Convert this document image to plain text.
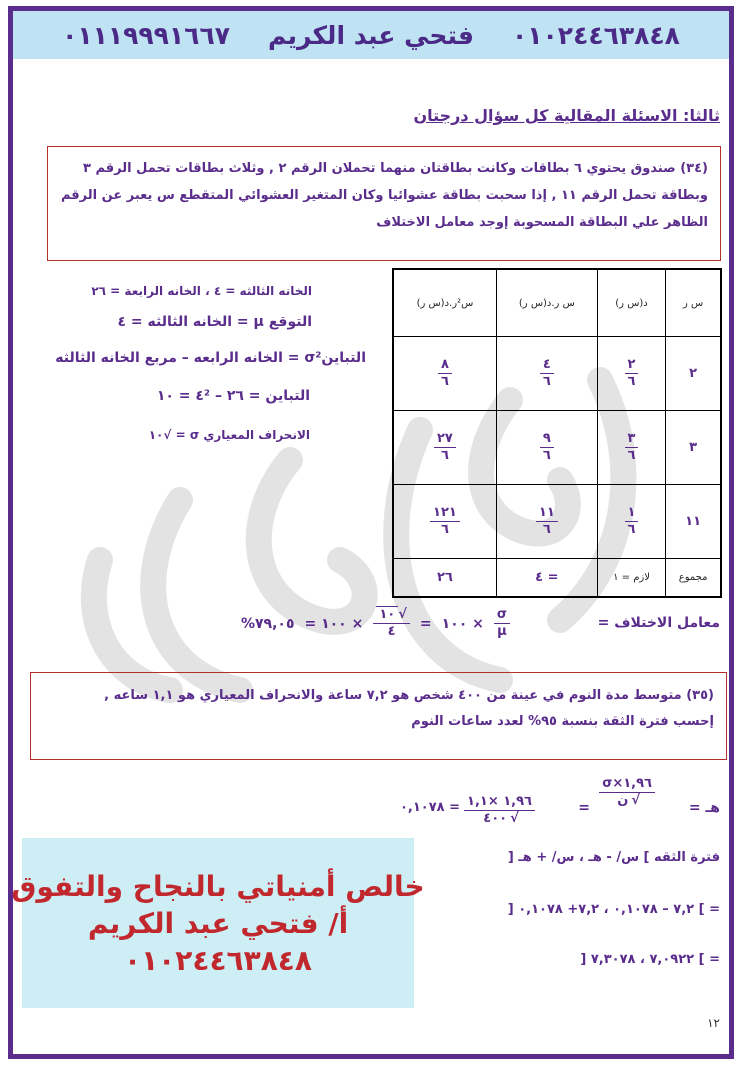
٠١٠٢٤٤٦٣٨٤٨
فتحي عبد الكريم
٠١١١٩٩٩١٦٦٧
ثالثا: الاسئلة المقالية كل سؤال درجتان
(٣٤) صندوق يحتوي ٦ بطاقات وكانت بطاقتان منهما تحملان الرقم ٢ , وثلاث بطاقات تحمل الرقم ٣
وبطاقة تحمل الرقم ١١ , إذا سحبت بطاقة عشوائيا وكان المتغير العشوائي المتقطع س يعبر عن الرقم
الظاهر علي البطاقة المسحوبة إوجد معامل الاختلاف
س ر	د(س ر)	س ر.د(س ر)	س²ر.د(س ر)
٢	$\frac{٢}{٦}$	$\frac{٤}{٦}$	$\frac{٨}{٦}$

٣	$\frac{٣}{٦}$	$\frac{٩}{٦}$	$\frac{٢٧}{٦}$

١١	$\frac{١}{٦}$	$\frac{١١}{٦}$	$\frac{١٢١}{٦}$

مجموع	لازم = ١	= ٤	٢٦
الخانه الثالثه = ٤ ، الخانه الرابعة = ٢٦
التوقع μ = الخانه الثالثه = ٤
التباينσ² = الخانه الرابعه – مربع الخانه الثالثه
التباين = ٢٦ – ٤² = ١٠
الانحراف المعياري σ = √١٠
معامل الاختلاف =
$\frac{\sigma}{\mu}$
× ١٠٠
=
$\frac{√١٠}{٤}$
× ١٠٠ =
٧٩,٠٥%
(٣٥) متوسط مدة النوم في عينة من ٤٠٠ شخص هو ٧,٢ ساعة والانحراف المعياري هو ١,١ ساعه ,
إحسب فترة الثقة بنسبة ٩٥% لعدد ساعات النوم
هـ =
$\frac{١,٩٦\times\sigma}{\text{√ن}}$
=
$\frac{١,٩٦ \times ١,١}{√٤٠٠}$
= ٠,١٠٧٨
فترة الثقه ] س/ - هـ ، س/ + هـ [
= ] ٧,٢ – ٠,١٠٧٨ ، ٧,٢+ ٠,١٠٧٨ [
= ] ٧,٠٩٢٢ ، ٧,٣٠٧٨ [
خالص أمنياتي بالنجاح والتفوق
أ/ فتحي عبد الكريم
٠١٠٢٤٤٦٣٨٤٨
١٢
